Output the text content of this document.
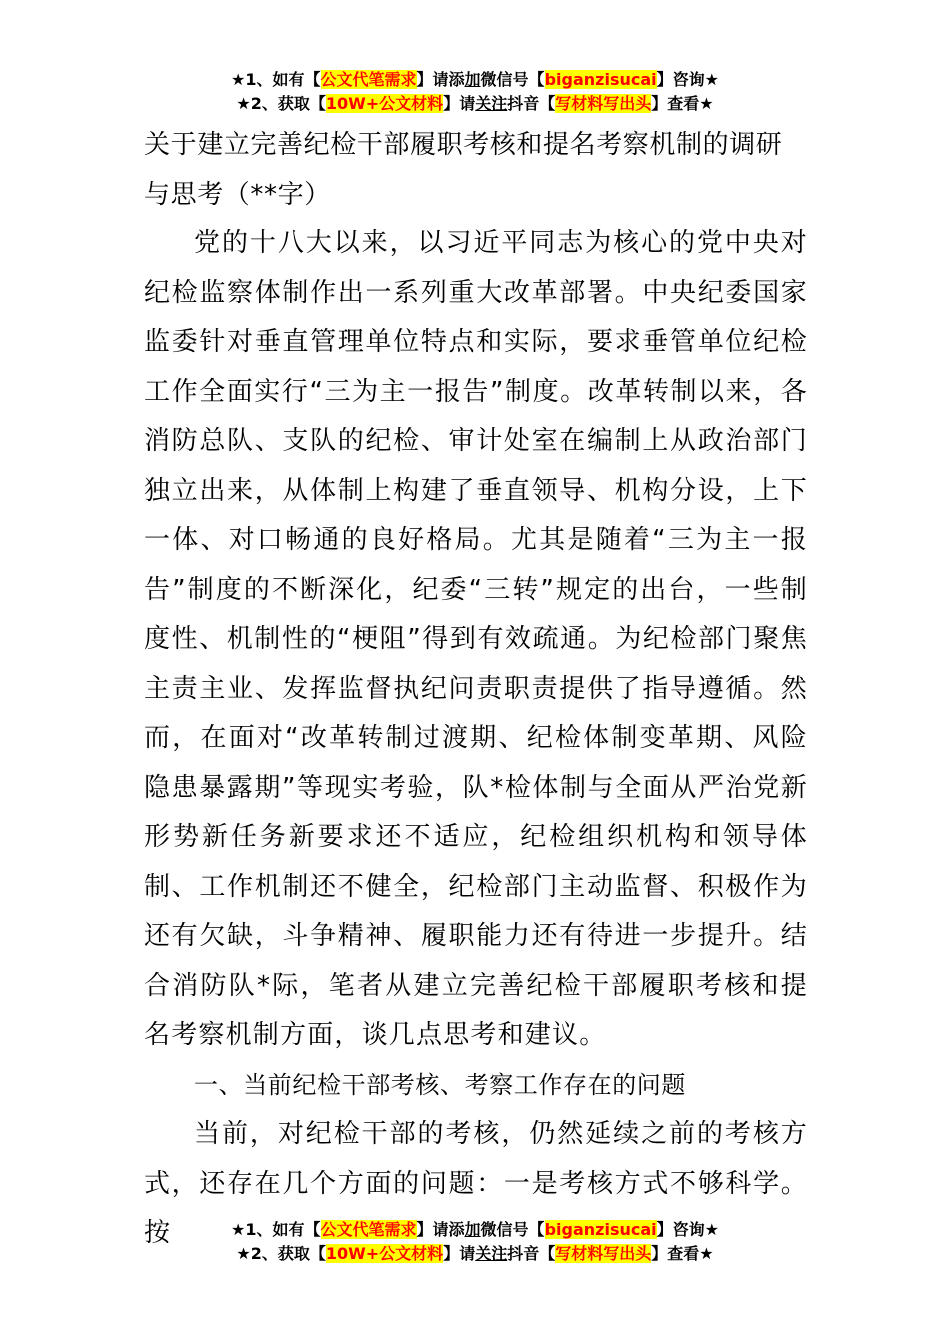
★1、如有【公文代笔需求】请添加微信号【biganzisucai】咨询★
★2、获取【10W+公文材料】请关注抖音【写材料写出头】查看★
关于建立完善纪检干部履职考核和提名考察机制的调研与思考（**字）

党的十八大以来，以习近平同志为核心的党中央对纪检监察体制作出一系列重大改革部署。中央纪委国家监委针对垂直管理单位特点和实际，要求垂管单位纪检工作全面实行“三为主一报告”制度。改革转制以来，各消防总队、支队的纪检、审计处室在编制上从政治部门独立出来，从体制上构建了垂直领导、机构分设，上下一体、对口畅通的良好格局。尤其是随着“三为主一报告”制度的不断深化，纪委“三转”规定的出台，一些制度性、机制性的“梗阻”得到有效疏通。为纪检部门聚焦主责主业、发挥监督执纪问责职责提供了指导遵循。然而，在面对“改革转制过渡期、纪检体制变革期、风险隐患暴露期”等现实考验，队*检体制与全面从严治党新形势新任务新要求还不适应，纪检组织机构和领导体制、工作机制还不健全，纪检部门主动监督、积极作为还有欠缺，斗争精神、履职能力还有待进一步提升。结合消防队*际，笔者从建立完善纪检干部履职考核和提名考察机制方面，谈几点思考和建议。

一、当前纪检干部考核、考察工作存在的问题

当前，对纪检干部的考核，仍然延续之前的考核方式，还存在几个方面的问题：一是考核方式不够科学。按	★1、如有【公文代笔需求】请添加微信号【biganzisucai】咨询★
★2、获取【10W+公文材料】请关注抖音【写材料写出头】查看★
